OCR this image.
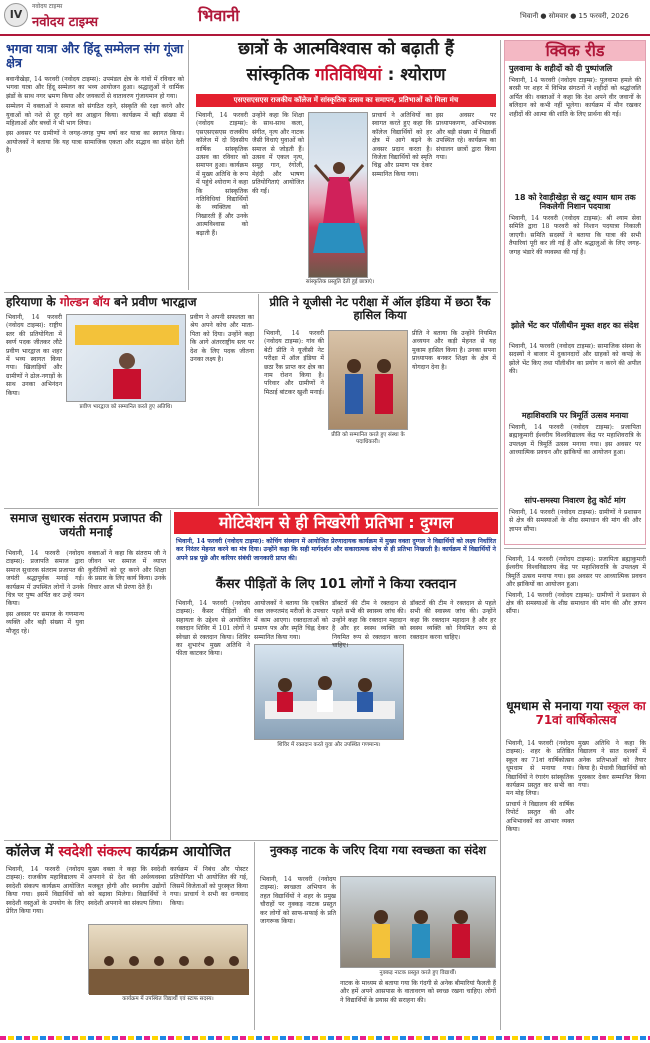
IV
नवोदय टाइम्स
नवोदय टाइम्स	भिवानी	भिवानी ● सोमवार ● 15 फरवरी, 2026
भगवा यात्रा और हिंदू सम्मेलन संग गूंजा क्षेत्र

बवानीखेड़ा, 14 फरवरी (नवोदय टाइम्स): उपमंडल क्षेत्र के गांवों में रविवार को भगवा यात्रा और हिंदू सम्मेलन का भव्य आयोजन हुआ। श्रद्धालुओं ने धार्मिक झंडों के साथ नगर भ्रमण किया और जयकारों से वातावरण गुंजायमान हो गया।

सम्मेलन में वक्ताओं ने समाज को संगठित रहने, संस्कृति की रक्षा करने और युवाओं को नशे से दूर रहने का आह्वान किया। कार्यक्रम में बड़ी संख्या में महिलाओं और बच्चों ने भी भाग लिया।

इस अवसर पर ग्रामीणों ने जगह-जगह पुष्प वर्षा कर यात्रा का स्वागत किया। आयोजकों ने बताया कि यह यात्रा सामाजिक एकता और सद्भाव का संदेश देती है।

छात्रों के आत्मविश्वास को बढ़ाती हैं
सांस्कृतिक गतिविधियां : श्योराण
एसएसएसएस राजकीय कॉलेज में सांस्कृतिक उत्सव का समापन, प्रतिभाओं को मिला मंच

भिवानी, 14 फरवरी (नवोदय टाइम्स): एसएसएसएस राजकीय कॉलेज में दो दिवसीय वार्षिक सांस्कृतिक उत्सव का रविवार को समापन हुआ। कार्यक्रम में मुख्य अतिथि के रूप में पहुंचे श्योराण ने कहा कि सांस्कृतिक गतिविधियां विद्यार्थियों के व्यक्तित्व को निखारती हैं और उनके आत्मविश्वास को बढ़ाती हैं।

उन्होंने कहा कि शिक्षा के साथ-साथ कला, संगीत, नृत्य और नाटक जैसी विधाएं युवाओं को समाज से जोड़ती हैं। उत्सव में एकल नृत्य, समूह गान, रंगोली, मेहंदी और भाषण प्रतियोगिताएं आयोजित की गईं।

सांस्कृतिक प्रस्तुति देती हुई छात्राएं।

प्राचार्य ने अतिथियों का स्वागत करते हुए कहा कि कॉलेज विद्यार्थियों को हर क्षेत्र में आगे बढ़ने के अवसर प्रदान करता है। विजेता विद्यार्थियों को स्मृति चिह्न और प्रमाण पत्र देकर सम्मानित किया गया।

इस अवसर पर प्राध्यापकगण, अभिभावक और बड़ी संख्या में विद्यार्थी उपस्थित रहे। कार्यक्रम का संचालन छात्रों द्वारा किया गया।

क्विक रीड
पुलवामा के शहीदों को दी पुष्पांजलि
भिवानी, 14 फरवरी (नवोदय टाइम्स): पुलवामा हमले की बरसी पर शहर में विभिन्न संगठनों ने शहीदों को श्रद्धांजलि अर्पित की। वक्ताओं ने कहा कि देश अपने वीर जवानों के बलिदान को कभी नहीं भूलेगा। कार्यक्रम में मौन रखकर शहीदों की आत्मा की शांति के लिए प्रार्थना की गई।
18 को रेवाड़ीखेड़ा से खटू श्याम धाम तक निकलेगी निशान पदयात्रा
भिवानी, 14 फरवरी (नवोदय टाइम्स): श्री श्याम सेवा समिति द्वारा 18 फरवरी को निशान पदयात्रा निकाली जाएगी। समिति सदस्यों ने बताया कि यात्रा की सभी तैयारियां पूरी कर ली गई हैं और श्रद्धालुओं के लिए जगह-जगह भंडारे की व्यवस्था की गई है।
झोले भेंट कर पॉलीथीन मुक्त शहर का संदेश
भिवानी, 14 फरवरी (नवोदय टाइम्स): सामाजिक संस्था के सदस्यों ने बाजार में दुकानदारों और ग्राहकों को कपड़े के झोले भेंट किए तथा पॉलीथीन का प्रयोग न करने की अपील की।
महाशिवरात्रि पर त्रिमूर्ति उत्सव मनाया
भिवानी, 14 फरवरी (नवोदय टाइम्स): प्रजापिता ब्रह्माकुमारी ईश्वरीय विश्वविद्यालय केंद्र पर महाशिवरात्रि के उपलक्ष्य में त्रिमूर्ति उत्सव मनाया गया। इस अवसर पर आध्यात्मिक प्रवचन और झांकियों का आयोजन हुआ।
सांप-समस्या निवारण हेतु कोर्ट मांग
भिवानी, 14 फरवरी (नवोदय टाइम्स): ग्रामीणों ने प्रशासन से क्षेत्र की समस्याओं के शीघ्र समाधान की मांग की और ज्ञापन सौंपा।
हरियाणा के गोल्डन बॉय बने प्रवीण भारद्वाज

भिवानी, 14 फरवरी (नवोदय टाइम्स): राष्ट्रीय स्तर की प्रतियोगिता में स्वर्ण पदक जीतकर लौटे प्रवीण भारद्वाज का शहर में भव्य स्वागत किया गया। खिलाड़ियों और ग्रामीणों ने ढोल-नगाड़ों के साथ उनका अभिनंदन किया।

प्रवीण भारद्वाज को सम्मानित करते हुए अतिथि।

प्रवीण ने अपनी सफलता का श्रेय अपने कोच और माता-पिता को दिया। उन्होंने कहा कि आगे अंतरराष्ट्रीय स्तर पर देश के लिए पदक जीतना उनका लक्ष्य है।

प्रीति ने यूजीसी नेट परीक्षा में ऑल इंडिया में छठा रैंक हासिल किया

भिवानी, 14 फरवरी (नवोदय टाइम्स): गांव की बेटी प्रीति ने यूजीसी नेट परीक्षा में ऑल इंडिया में छठा रैंक प्राप्त कर क्षेत्र का नाम रोशन किया है। परिवार और ग्रामीणों ने मिठाई बांटकर खुशी मनाई।

प्रीति को सम्मानित करते हुए संस्था के पदाधिकारी।

प्रीति ने बताया कि उन्होंने नियमित अध्ययन और कड़ी मेहनत से यह मुकाम हासिल किया है। उनका सपना प्राध्यापक बनकर शिक्षा के क्षेत्र में योगदान देना है।

समाज सुधारक संतराम प्रजापत की जयंती मनाई

भिवानी, 14 फरवरी (नवोदय टाइम्स): प्रजापति समाज द्वारा समाज सुधारक संतराम प्रजापत की जयंती श्रद्धापूर्वक मनाई गई। कार्यक्रम में उपस्थित लोगों ने उनके चित्र पर पुष्प अर्पित कर उन्हें नमन किया।

इस अवसर पर समाज के गणमान्य व्यक्ति और बड़ी संख्या में युवा मौजूद रहे।

वक्ताओं ने कहा कि संतराम जी ने जीवन भर समाज में व्याप्त कुरीतियों को दूर करने और शिक्षा के प्रसार के लिए कार्य किया। उनके विचार आज भी प्रेरणा देते हैं।

मोटिवेशन से ही निखरेगी प्रतिभा : दुग्गल
भिवानी, 14 फरवरी (नवोदय टाइम्स): कोचिंग संस्थान में आयोजित प्रेरणादायक कार्यक्रम में मुख्य वक्ता दुग्गल ने विद्यार्थियों को लक्ष्य निर्धारित कर निरंतर मेहनत करने का मंत्र दिया। उन्होंने कहा कि सही मार्गदर्शन और सकारात्मक सोच से ही प्रतिभा निखरती है। कार्यक्रम में विद्यार्थियों ने अपने प्रश्न पूछे और करियर संबंधी जानकारी प्राप्त की।
कैंसर पीड़ितों के लिए 101 लोगों ने किया रक्तदान

भिवानी, 14 फरवरी (नवोदय टाइम्स): कैंसर पीड़ितों की सहायता के उद्देश्य से आयोजित रक्तदान शिविर में 101 लोगों ने स्वेच्छा से रक्तदान किया। शिविर का शुभारंभ मुख्य अतिथि ने फीता काटकर किया।

आयोजकों ने बताया कि एकत्रित रक्त जरूरतमंद मरीजों के उपचार में काम आएगा। रक्तदाताओं को प्रमाण पत्र और स्मृति चिह्न देकर सम्मानित किया गया।

शिविर में रक्तदान करते युवा और उपस्थित गणमान्य।

डॉक्टरों की टीम ने रक्तदान से पहले सभी की स्वास्थ्य जांच की। उन्होंने कहा कि रक्तदान महादान है और हर स्वस्थ व्यक्ति को नियमित रूप से रक्तदान करना चाहिए।

डॉक्टरों की टीम ने रक्तदान से पहले सभी की स्वास्थ्य जांच की। उन्होंने कहा कि रक्तदान महादान है और हर स्वस्थ व्यक्ति को नियमित रूप से रक्तदान करना चाहिए।

धूमधाम से मनाया गया स्कूल का 71वां वार्षिकोत्सव

भिवानी, 14 फरवरी (नवोदय टाइम्स): शहर के प्रतिष्ठित स्कूल का 71वां वार्षिकोत्सव धूमधाम से मनाया गया। विद्यार्थियों ने रंगारंग सांस्कृतिक कार्यक्रम प्रस्तुत कर सभी का मन मोह लिया।

प्राचार्य ने विद्यालय की वार्षिक रिपोर्ट प्रस्तुत की और अभिभावकों का आभार व्यक्त किया।

मुख्य अतिथि ने कहा कि विद्यालय ने सात दशकों में अनेक प्रतिभाओं को तैयार किया है। मेधावी विद्यार्थियों को पुरस्कार देकर सम्मानित किया गया।

भिवानी, 14 फरवरी (नवोदय टाइम्स): प्रजापिता ब्रह्माकुमारी ईश्वरीय विश्वविद्यालय केंद्र पर महाशिवरात्रि के उपलक्ष्य में त्रिमूर्ति उत्सव मनाया गया। इस अवसर पर आध्यात्मिक प्रवचन और झांकियों का आयोजन हुआ।

भिवानी, 14 फरवरी (नवोदय टाइम्स): ग्रामीणों ने प्रशासन से क्षेत्र की समस्याओं के शीघ्र समाधान की मांग की और ज्ञापन सौंपा।

कॉलेज में स्वदेशी संकल्प कार्यक्रम आयोजित

भिवानी, 14 फरवरी (नवोदय टाइम्स): राजकीय महाविद्यालय में स्वदेशी संकल्प कार्यक्रम आयोजित किया गया। इसमें विद्यार्थियों को स्वदेशी वस्तुओं के उपयोग के लिए प्रेरित किया गया।

मुख्य वक्ता ने कहा कि स्वदेशी अपनाने से देश की अर्थव्यवस्था मजबूत होगी और स्थानीय उद्योगों को बढ़ावा मिलेगा। विद्यार्थियों ने स्वदेशी अपनाने का संकल्प लिया।

कार्यक्रम में उपस्थित विद्यार्थी एवं स्टाफ सदस्य।

कार्यक्रम में निबंध और पोस्टर प्रतियोगिता भी आयोजित की गई, जिसमें विजेताओं को पुरस्कृत किया गया। प्राचार्य ने सभी का धन्यवाद किया।

नुक्कड़ नाटक के जरिए दिया गया स्वच्छता का संदेश
नुक्कड़ नाटक प्रस्तुत करते हुए विद्यार्थी।

भिवानी, 14 फरवरी (नवोदय टाइम्स): स्वच्छता अभियान के तहत विद्यार्थियों ने शहर के प्रमुख चौराहों पर नुक्कड़ नाटक प्रस्तुत कर लोगों को साफ-सफाई के प्रति जागरूक किया।

नाटक के माध्यम से बताया गया कि गंदगी से अनेक बीमारियां फैलती हैं और हमें अपने आसपास के वातावरण को स्वच्छ रखना चाहिए। लोगों ने विद्यार्थियों के प्रयास की सराहना की।
